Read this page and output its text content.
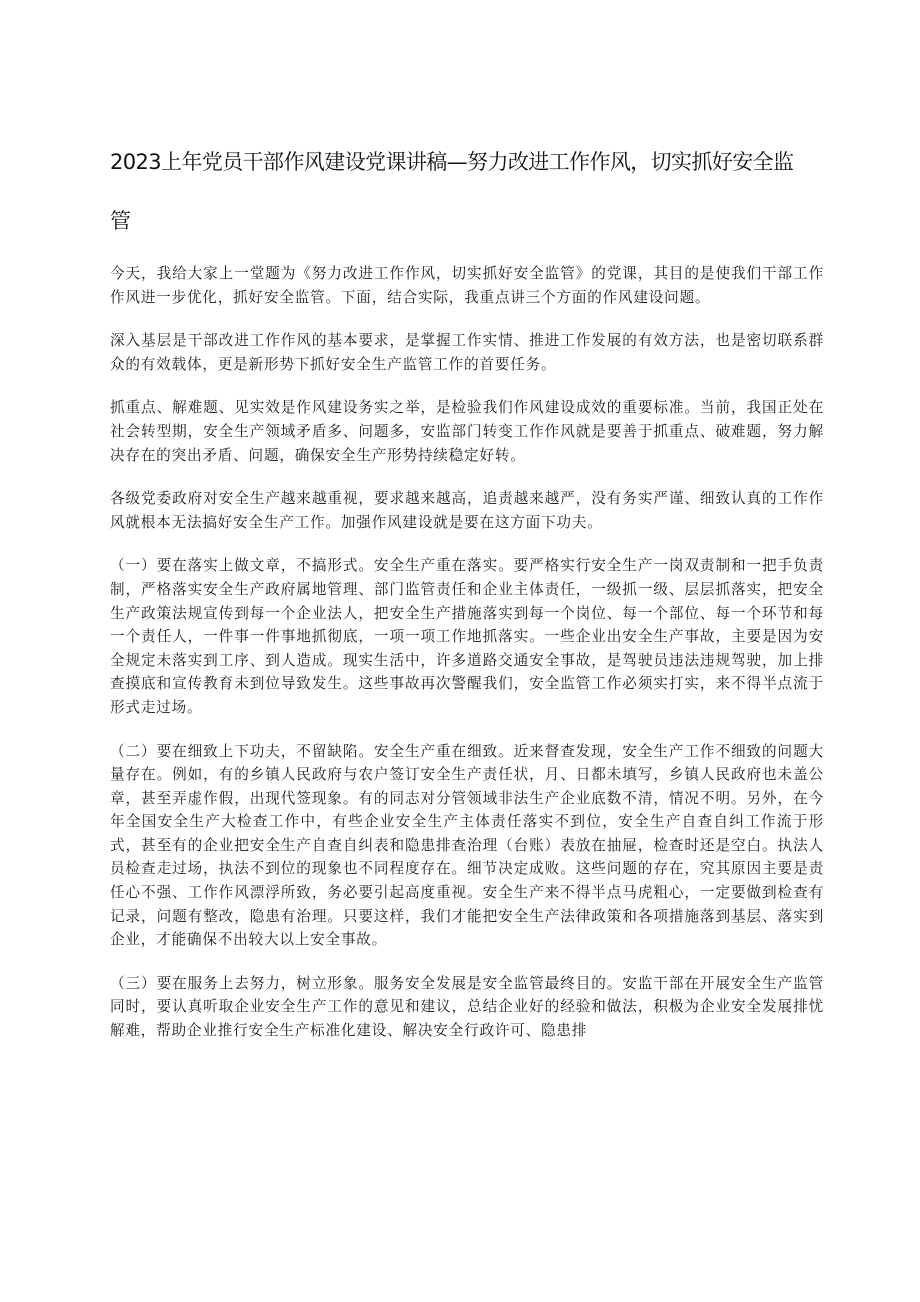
2023上年党员干部作风建设党课讲稿—努力改进工作作风，切实抓好安全监管

今天，我给大家上一堂题为《努力改进工作作风，切实抓好安全监管》的党课，其目的是使我们干部工作作风进一步优化，抓好安全监管。下面，结合实际，我重点讲三个方面的作风建设问题。

深入基层是干部改进工作作风的基本要求，是掌握工作实情、推进工作发展的有效方法，也是密切联系群众的有效载体，更是新形势下抓好安全生产监管工作的首要任务。

抓重点、解难题、见实效是作风建设务实之举，是检验我们作风建设成效的重要标准。当前，我国正处在社会转型期，安全生产领域矛盾多、问题多，安监部门转变工作作风就是要善于抓重点、破难题，努力解决存在的突出矛盾、问题，确保安全生产形势持续稳定好转。

各级党委政府对安全生产越来越重视，要求越来越高，追责越来越严，没有务实严谨、细致认真的工作作风就根本无法搞好安全生产工作。加强作风建设就是要在这方面下功夫。

（一）要在落实上做文章，不搞形式。安全生产重在落实。要严格实行安全生产一岗双责制和一把手负责制，严格落实安全生产政府属地管理、部门监管责任和企业主体责任，一级抓一级、层层抓落实，把安全生产政策法规宣传到每一个企业法人，把安全生产措施落实到每一个岗位、每一个部位、每一个环节和每一个责任人，一件事一件事地抓彻底，一项一项工作地抓落实。一些企业出安全生产事故，主要是因为安全规定未落实到工序、到人造成。现实生活中，许多道路交通安全事故，是驾驶员违法违规驾驶，加上排查摸底和宣传教育未到位导致发生。这些事故再次警醒我们，安全监管工作必须实打实，来不得半点流于形式走过场。

（二）要在细致上下功夫，不留缺陷。安全生产重在细致。近来督查发现，安全生产工作不细致的问题大量存在。例如，有的乡镇人民政府与农户签订安全生产责任状，月、日都未填写，乡镇人民政府也未盖公章，甚至弄虚作假，出现代签现象。有的同志对分管领域非法生产企业底数不清，情况不明。另外，在今年全国安全生产大检查工作中，有些企业安全生产主体责任落实不到位，安全生产自查自纠工作流于形式，甚至有的企业把安全生产自查自纠表和隐患排查治理（台账）表放在抽屉，检查时还是空白。执法人员检查走过场，执法不到位的现象也不同程度存在。细节决定成败。这些问题的存在，究其原因主要是责任心不强、工作作风漂浮所致，务必要引起高度重视。安全生产来不得半点马虎粗心，一定要做到检查有记录，问题有整改，隐患有治理。只要这样，我们才能把安全生产法律政策和各项措施落到基层、落实到企业，才能确保不出较大以上安全事故。

（三）要在服务上去努力，树立形象。服务安全发展是安全监管最终目的。安监干部在开展安全生产监管同时，要认真听取企业安全生产工作的意见和建议，总结企业好的经验和做法，积极为企业安全发展排忧解难，帮助企业推行安全生产标准化建设、解决安全行政许可、隐患排
